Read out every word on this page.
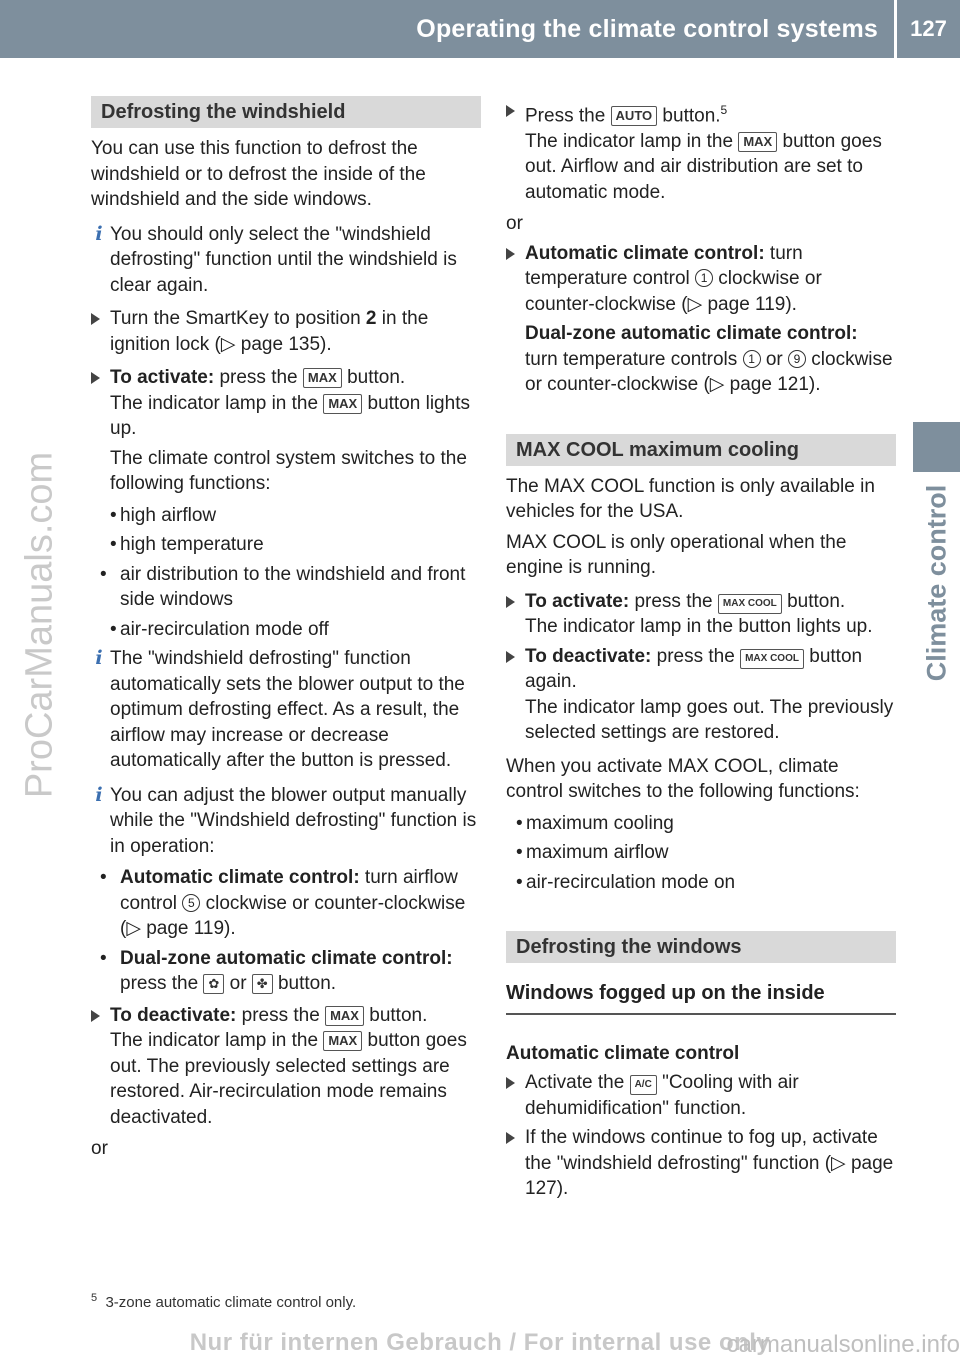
Operating the climate control systems	127
Climate control
ProCarManuals.com
Defrosting the windshield

You can use this function to defrost the windshield or to defrost the inside of the windshield and the side windows.

i You should only select the "windshield defrosting" function until the windshield is clear again.
Turn the SmartKey to position 2 in the ignition lock (▷ page 135).
To activate: press the MAX button.
The indicator lamp in the MAX button lights up.
The climate control system switches to the following functions:
• high airflow
• high temperature
• air distribution to the windshield and front side windows
• air-recirculation mode off
i The "windshield defrosting" function automatically sets the blower output to the optimum defrosting effect. As a result, the airflow may increase or decrease automatically after the button is pressed.
i You can adjust the blower output manually while the "Windshield defrosting" function is in operation:
• Automatic climate control: turn airflow control 5 clockwise or counter-clockwise (▷ page 119).
• Dual-zone automatic climate control:
press the ✿ or ✤ button.
To deactivate: press the MAX button.
The indicator lamp in the MAX button goes out. The previously selected settings are restored. Air-recirculation mode remains deactivated.

or

Press the AUTO button.$^5$
The indicator lamp in the MAX button goes out. Airflow and air distribution are set to automatic mode.

or

Automatic climate control: turn temperature control 1 clockwise or counter-clockwise (▷ page 119).
Dual-zone automatic climate control:
turn temperature controls 1 or 9 clockwise or counter-clockwise (▷ page 121).
MAX COOL maximum cooling

The MAX COOL function is only available in vehicles for the USA.

MAX COOL is only operational when the engine is running.

To activate: press the MAX COOL button.
The indicator lamp in the button lights up.
To deactivate: press the MAX COOL button again.
The indicator lamp goes out. The previously selected settings are restored.

When you activate MAX COOL, climate control switches to the following functions:

• maximum cooling
• maximum airflow
• air-recirculation mode on
Defrosting the windows
Windows fogged up on the inside
Automatic climate control
Activate the A/C "Cooling with air dehumidification" function.
If the windows continue to fog up, activate the "windshield defrosting" function (▷ page 127).
$^5$ 3-zone automatic climate control only.
Nur für internen Gebrauch / For internal use only
carmanualsonline.info
